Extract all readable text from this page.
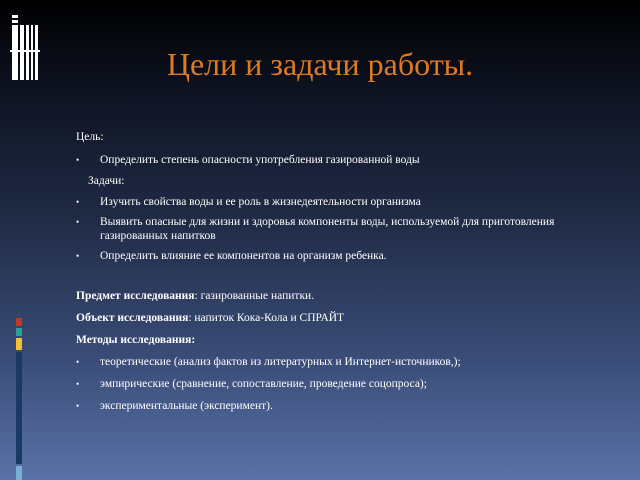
Цели и задачи работы.

Цель:

• Определить степень опасности употребления газированной воды

Задачи:

• Изучить свойства воды и ее роль в жизнедеятельности организма
• Выявить опасные для жизни и здоровья компоненты воды, используемой для приготовления газированных напитков
• Определить влияние ее компонентов на организм ребенка.

Предмет исследования: газированные напитки.

Объект исследования: напиток Кока-Кола и СПРАЙТ

Методы исследования:

• теоретические (анализ фактов из литературных и Интернет-источников,);
• эмпирические (сравнение, сопоставление, проведение соцопроса);
• экспериментальные (эксперимент).
